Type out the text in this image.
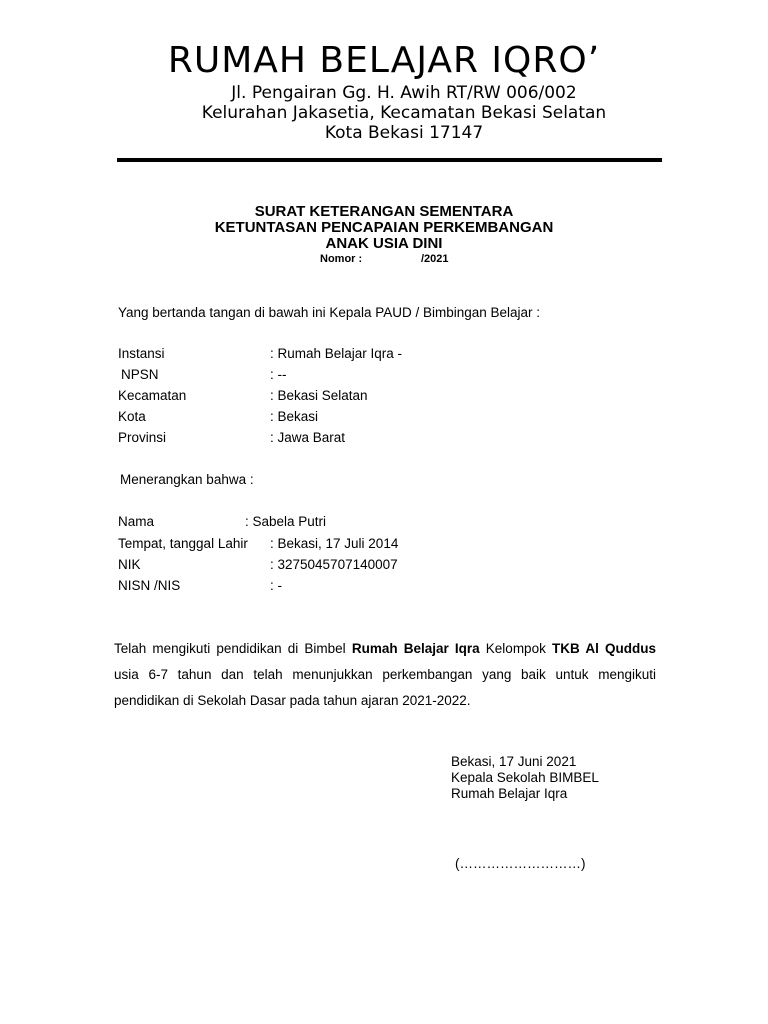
RUMAH BELAJAR IQRO’
Jl. Pengairan Gg. H. Awih RT/RW 006/002
Kelurahan Jakasetia, Kecamatan Bekasi Selatan
Kota Bekasi 17147
SURAT KETERANGAN SEMENTARA
KETUNTASAN PENCAPAIAN PERKEMBANGAN
ANAK USIA DINI
Nomor :	/2021
Yang bertanda tangan di bawah ini Kepala PAUD / Bimbingan Belajar :
Instansi	: Rumah Belajar Iqra -
NPSN	: --
Kecamatan	: Bekasi Selatan
Kota	: Bekasi
Provinsi	: Jawa Barat
Menerangkan bahwa :
Nama	: Sabela Putri
Tempat, tanggal Lahir : Bekasi, 17 Juli 2014
NIK	: 3275045707140007
NISN /NIS	: -
Telah mengikuti pendidikan di Bimbel Rumah Belajar Iqra Kelompok TKB Al Quddus usia 6-7 tahun dan telah menunjukkan perkembangan yang baik untuk mengikuti pendidikan di Sekolah Dasar pada tahun ajaran 2021-2022.
Bekasi, 17 Juni 2021
Kepala Sekolah BIMBEL
Rumah Belajar Iqra
(………………………)
